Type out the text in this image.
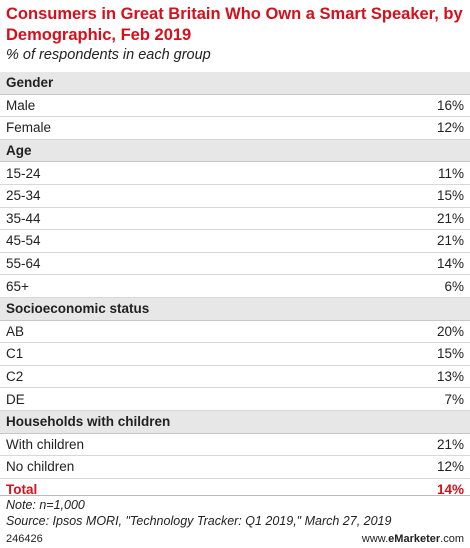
Consumers in Great Britain Who Own a Smart Speaker, by Demographic, Feb 2019
% of respondents in each group
Gender
Male	16%
Female	12%
Age
15-24	11%
25-34	15%
35-44	21%
45-54	21%
55-64	14%
65+	6%
Socioeconomic status
AB	20%
C1	15%
C2	13%
DE	7%
Households with children
With children	21%
No children	12%
Total	14%
Note: n=1,000
Source: Ipsos MORI, "Technology Tracker: Q1 2019," March 27, 2019
246426	www.eMarketer.com
